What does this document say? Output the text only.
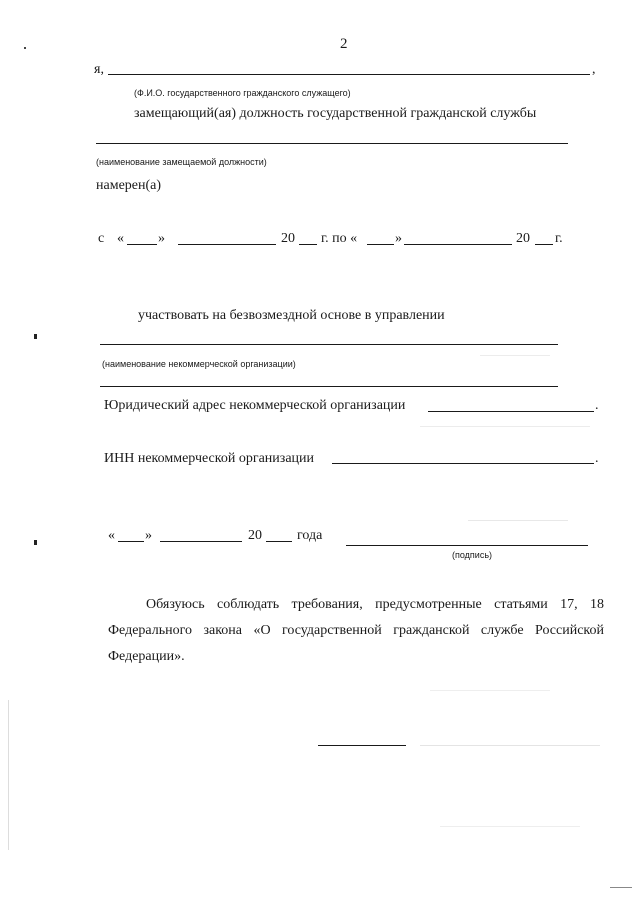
2
я,	,
(Ф.И.О. государственного гражданского служащего)
замещающий(ая) должность государственной гражданской службы
(наименование замещаемой должности)
намерен(а)
с « »	20 г. по «	»	20 г.
участвовать на безвозмездной основе в управлении
(наименование некоммерческой организации)
Юридический адрес некоммерческой организации	.
ИНН некоммерческой организации	.
« »	20	года
(подпись)
Обязуюсь соблюдать требования, предусмотренные статьями 17, 18
Федерального закона «О государственной гражданской службе Российской
Федерации».
